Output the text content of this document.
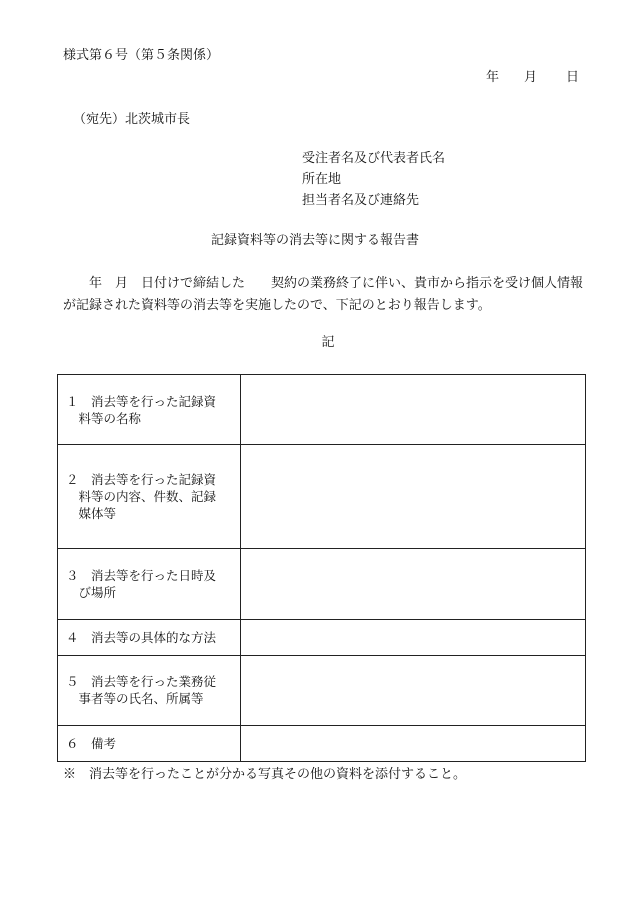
様式第６号（第５条関係）
年 月 日
（宛先）北茨城市長
受注者名及び代表者氏名
所在地
担当者名及び連絡先
記録資料等の消去等に関する報告書

年　月　日付けで締結した　　契約の業務終了に伴い、貴市から指示を受け個人情報

が記録された資料等の消去等を実施したので、下記のとおり報告します。

記
１　消去等を行った記録資
　料等の名称	

２　消去等を行った記録資
　料等の内容、件数、記録
　媒体等	

３　消去等を行った日時及
　び場所	

４　消去等の具体的な方法	

５　消去等を行った業務従
　事者等の氏名、所属等	

６　備考	

※　消去等を行ったことが分かる写真その他の資料を添付すること。
